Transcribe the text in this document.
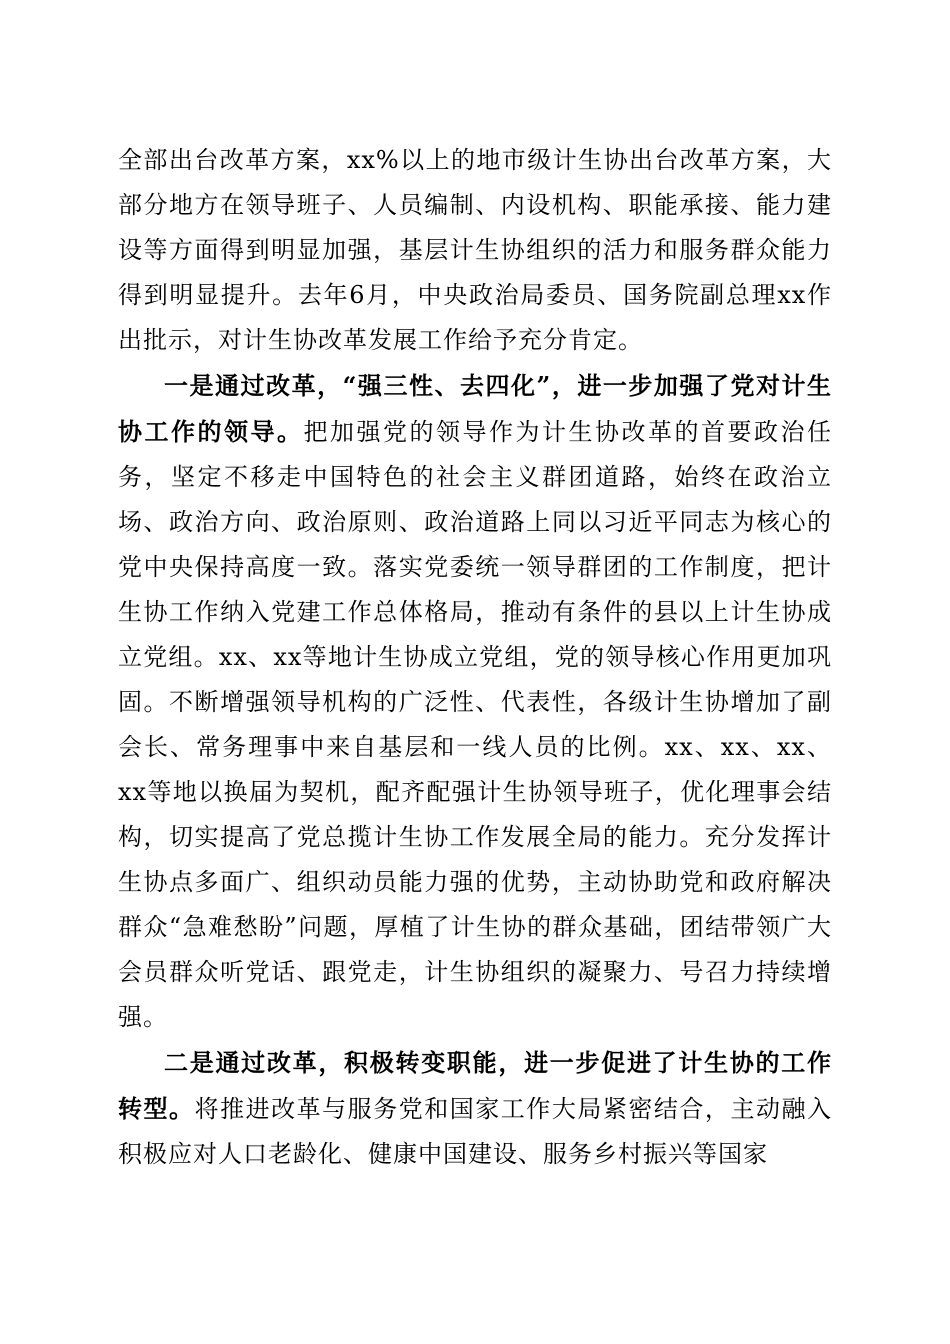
全部出台改革方案，xx%以上的地市级计生协出台改革方案，大部分地方在领导班子、人员编制、内设机构、职能承接、能力建设等方面得到明显加强，基层计生协组织的活力和服务群众能力得到明显提升。去年6月，中央政治局委员、国务院副总理xx作出批示，对计生协改革发展工作给予充分肯定。

一是通过改革，“强三性、去四化”，进一步加强了党对计生协工作的领导。把加强党的领导作为计生协改革的首要政治任务，坚定不移走中国特色的社会主义群团道路，始终在政治立场、政治方向、政治原则、政治道路上同以习近平同志为核心的党中央保持高度一致。落实党委统一领导群团的工作制度，把计生协工作纳入党建工作总体格局，推动有条件的县以上计生协成立党组。xx、xx等地计生协成立党组，党的领导核心作用更加巩固。不断增强领导机构的广泛性、代表性，各级计生协增加了副会长、常务理事中来自基层和一线人员的比例。xx、xx、xx、xx等地以换届为契机，配齐配强计生协领导班子，优化理事会结构，切实提高了党总揽计生协工作发展全局的能力。充分发挥计生协点多面广、组织动员能力强的优势，主动协助党和政府解决群众“急难愁盼”问题，厚植了计生协的群众基础，团结带领广大会员群众听党话、跟党走，计生协组织的凝聚力、号召力持续增强。

二是通过改革，积极转变职能，进一步促进了计生协的工作转型。将推进改革与服务党和国家工作大局紧密结合，主动融入积极应对人口老龄化、健康中国建设、服务乡村振兴等国家
